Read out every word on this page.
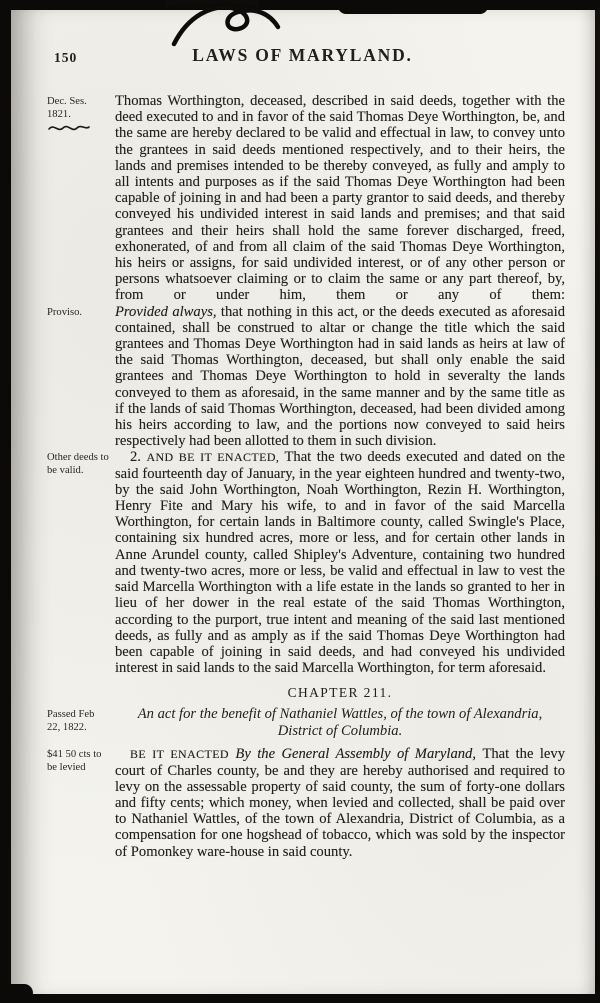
150	LAWS OF MARYLAND.
Dec. Ses. 1821.

Thomas Worthington, deceased, described in said deeds, together with the deed executed to and in favor of the said Thomas Deye Worthington, be, and the same are hereby declared to be valid and effectual in law, to convey unto the grantees in said deeds mentioned respectively, and to their heirs, the lands and premises intended to be thereby conveyed, as fully and amply to all intents and purposes as if the said Thomas Deye Worthington had been capable of joining in and had been a party grantor to said deeds, and thereby conveyed his undivided interest in said lands and premises; and that said grantees and their heirs shall hold the same forever discharged, freed, exhonerated, of and from all claim of the said Thomas Deye Worthington, his heirs or assigns, for said undivided interest, or of any other person or persons whatsoever claiming or to claim the same or any part thereof, by, from or under him, them or any of them:

Proviso.	Provided always, that nothing in this act, or the deeds executed as aforesaid contained, shall be construed to altar or change the title which the said grantees and Thomas Deye Worthington had in said lands as heirs at law of the said Thomas Worthington, deceased, but shall only enable the said grantees and Thomas Deye Worthington to hold in severalty the lands conveyed to them as aforesaid, in the same manner and by the same title as if the lands of said Thomas Worthington, deceased, had been divided among his heirs according to law, and the portions now conveyed to said heirs respectively had been allotted to them in such division.

Other deeds to be valid.

2. AND BE IT ENACTED, That the two deeds executed and dated on the said fourteenth day of January, in the year eighteen hundred and twenty-two, by the said John Worthington, Noah Worthington, Rezin H. Worthington, Henry Fite and Mary his wife, to and in favor of the said Marcella Worthington, for certain lands in Baltimore county, called Swingle's Place, containing six hundred acres, more or less, and for certain other lands in Anne Arundel county, called Shipley's Adventure, containing two hundred and twenty-two acres, more or less, be valid and effectual in law to vest the said Marcella Worthington with a life estate in the lands so granted to her in lieu of her dower in the real estate of the said Thomas Worthington, according to the purport, true intent and meaning of the said last mentioned deeds, as fully and as amply as if the said Thomas Deye Worthington had been capable of joining in said deeds, and had conveyed his undivided interest in said lands to the said Marcella Worthington, for term aforesaid.

CHAPTER 211.
Passed Feb 22, 1822.

An act for the benefit of Nathaniel Wattles, of the town of Alexandria, District of Columbia.

$41 50 cts to be levied

BE IT ENACTED By the General Assembly of Maryland, That the levy court of Charles county, be and they are hereby authorised and required to levy on the assessable property of said county, the sum of forty-one dollars and fifty cents; which money, when levied and collected, shall be paid over to Nathaniel Wattles, of the town of Alexandria, District of Columbia, as a compensation for one hogshead of tobacco, which was sold by the inspector of Pomonkey ware-house in said county.
